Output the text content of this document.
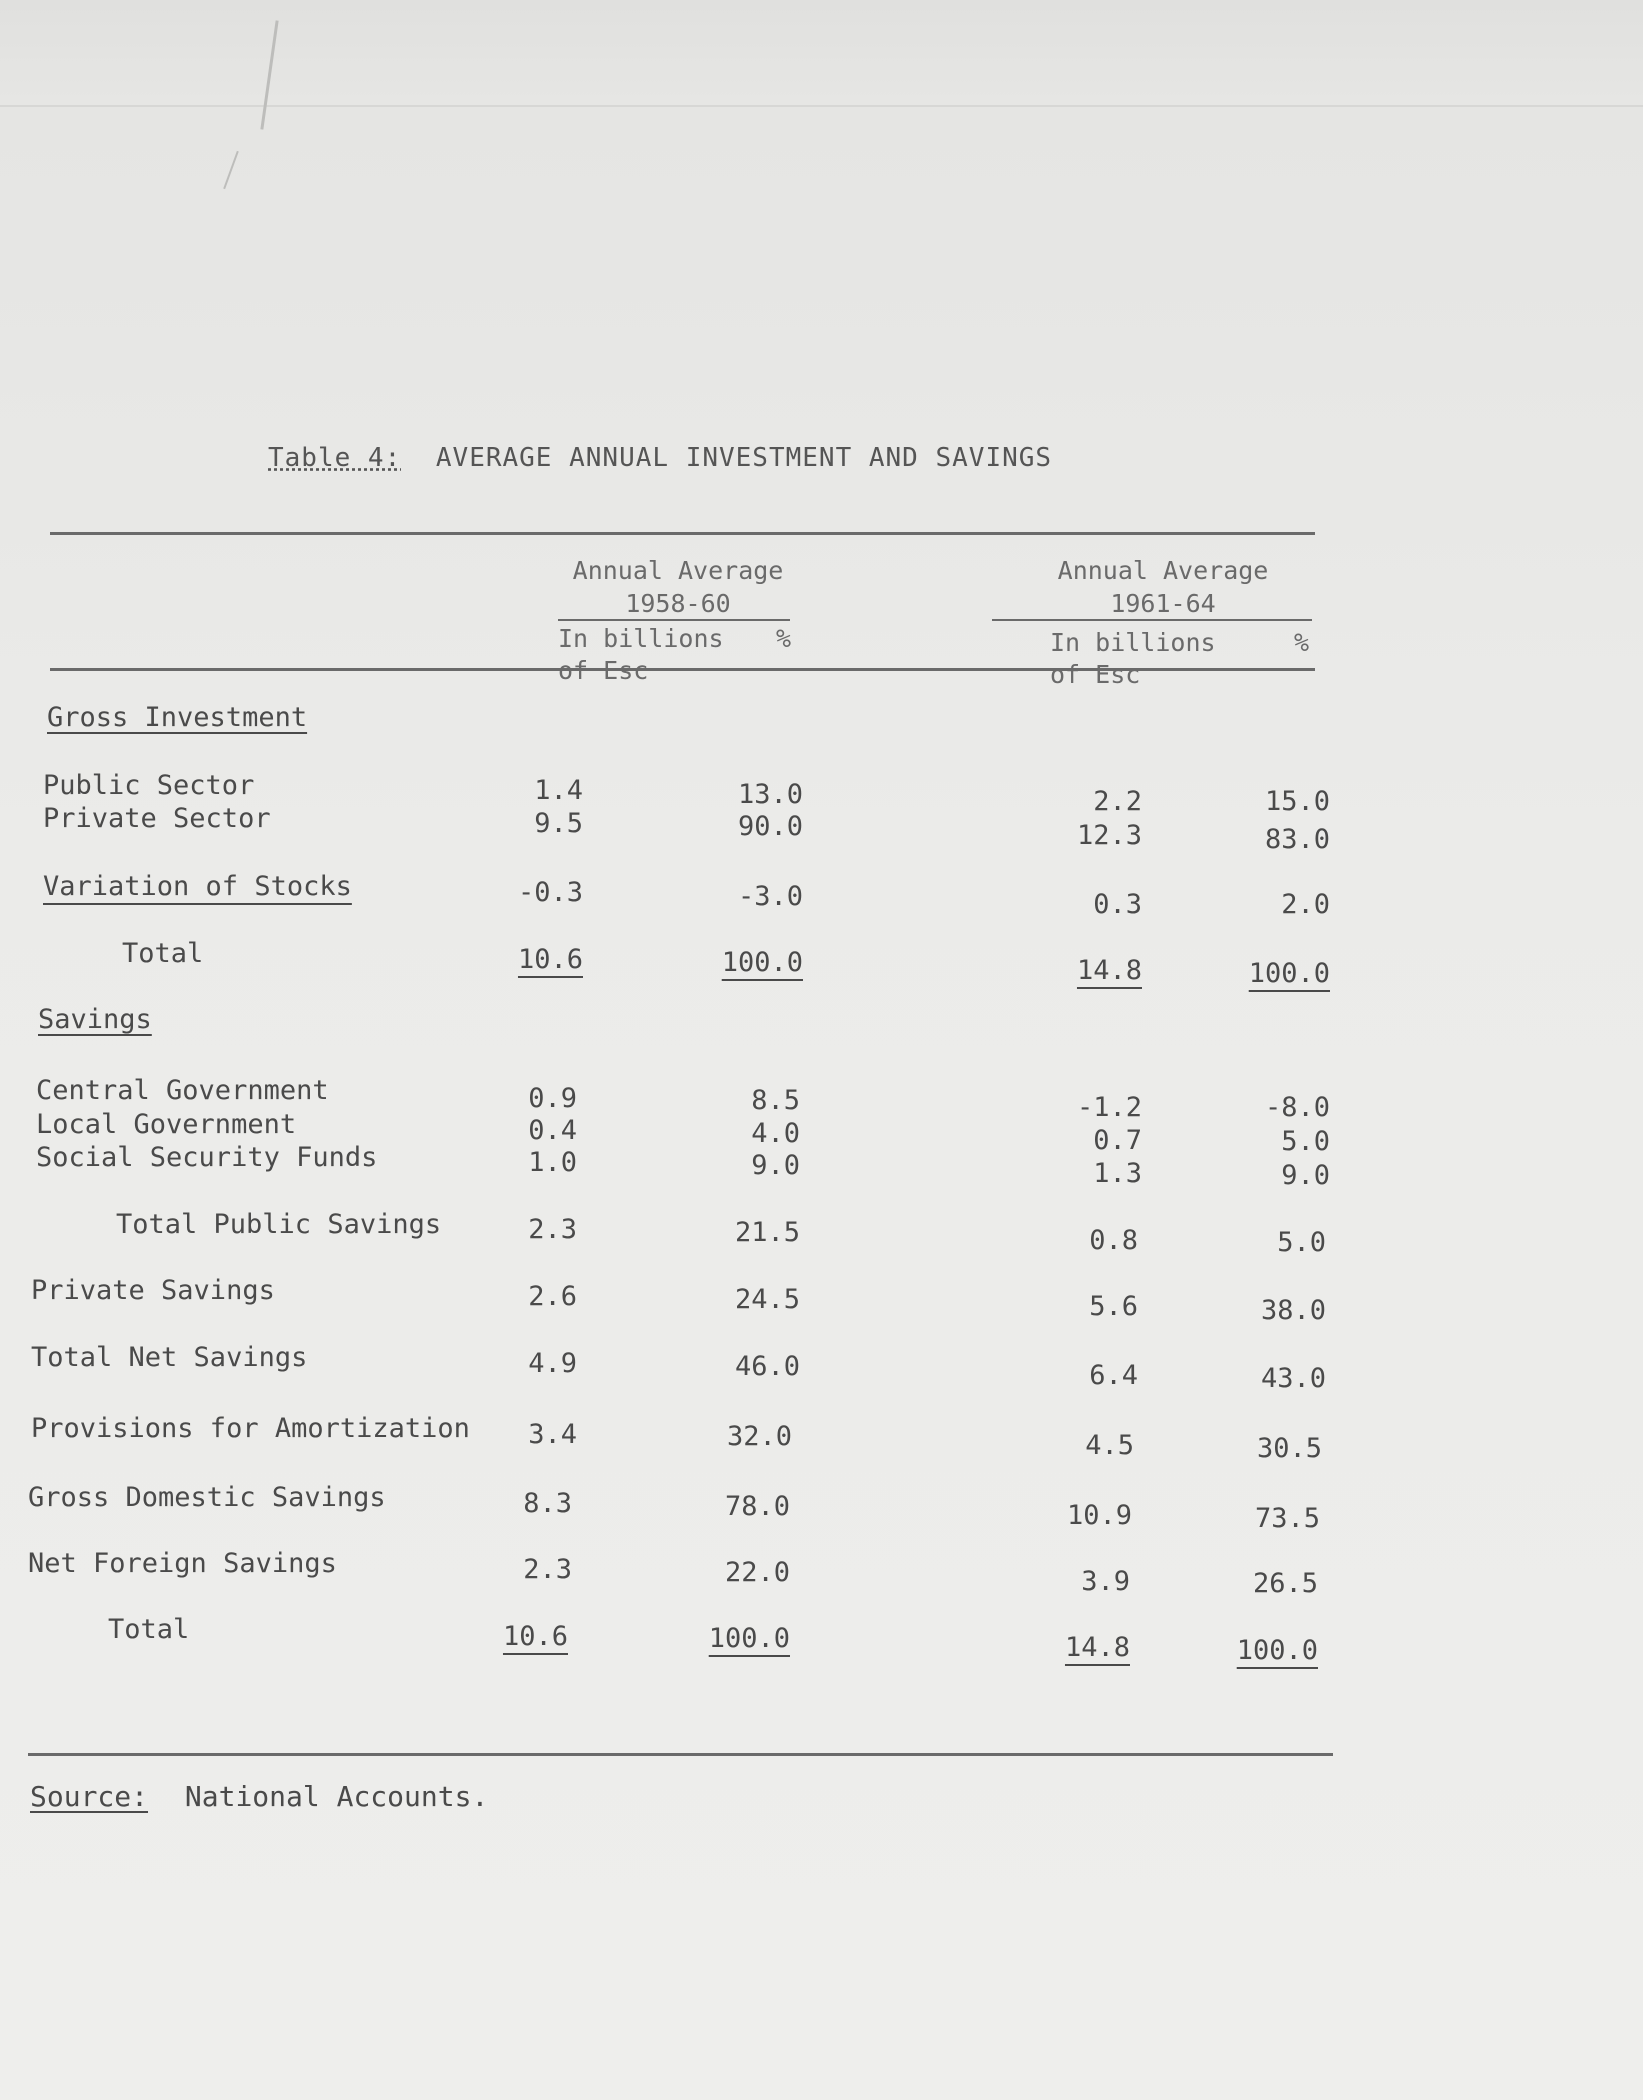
Table 4: AVERAGE ANNUAL INVESTMENT AND SAVINGS
Annual Average
1958-60
In billions
of Esc
%
Annual Average
1961-64
In billions
of Esc
%
Gross Investment
Savings
Public Sector	1.4	13.0	2.2	15.0
Private Sector	9.5	90.0	12.3	83.0
Variation of Stocks	-0.3	-3.0	0.3	2.0
Total	10.6	100.0	14.8	100.0
Central Government	0.9	8.5	-1.2	-8.0
Local Government	0.4	4.0	0.7	5.0
Social Security Funds	1.0	9.0	1.3	9.0
Total Public Savings	2.3	21.5	0.8	5.0
Private Savings	2.6	24.5	5.6	38.0
Total Net Savings	4.9	46.0	6.4	43.0
Provisions for Amortization	3.4	32.0	4.5	30.5
Gross Domestic Savings	8.3	78.0	10.9	73.5
Net Foreign Savings	2.3	22.0	3.9	26.5
Total	10.6	100.0	14.8	100.0
Source: National Accounts.
